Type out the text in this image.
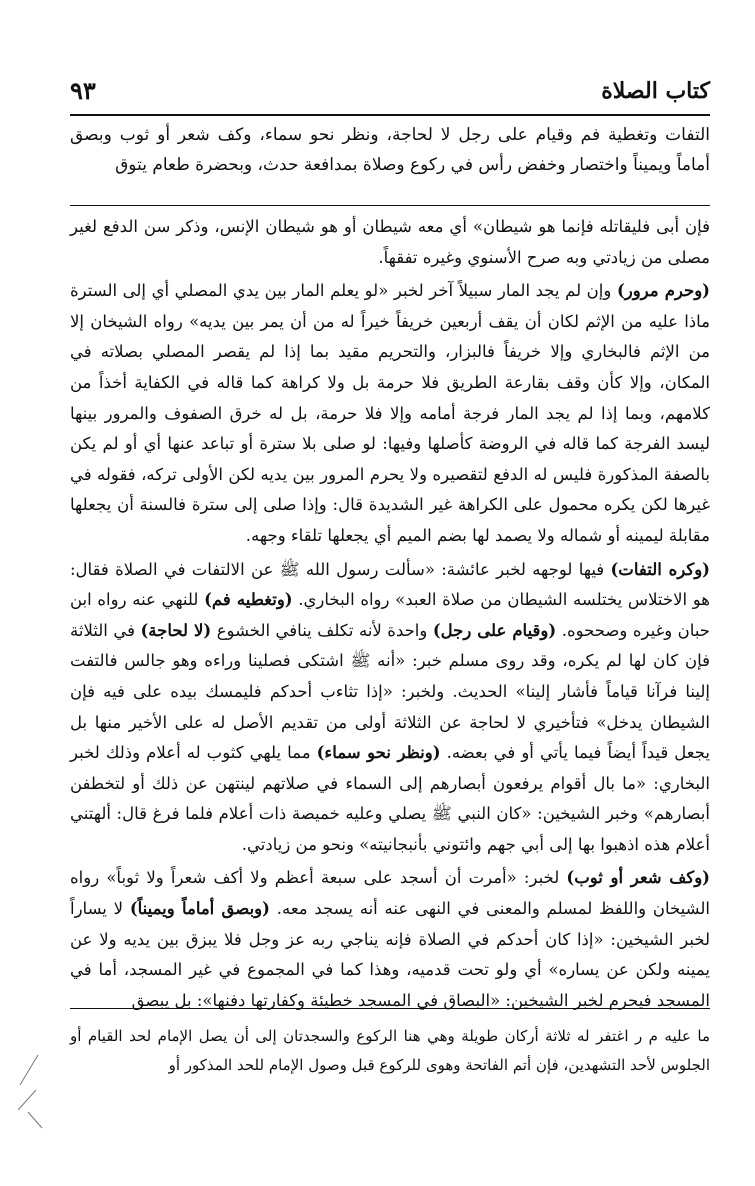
كتاب الصلاة
٩٣
التفات وتغطية فم وقيام على رجل لا لحاجة، ونظر نحو سماء، وكف شعر أو ثوب وبصق أماماً ويميناً واختصار وخفض رأس في ركوع وصلاة بمدافعة حدث، وبحضرة طعام يتوق

فإن أبى فليقاتله فإنما هو شيطان» أي معه شيطان أو هو شيطان الإنس، وذكر سن الدفع لغير مصلى من زيادتي وبه صرح الأسنوي وغيره تفقهاً.

(وحرم مرور) وإن لم يجد المار سبيلاً آخر لخبر «لو يعلم المار بين يدي المصلي أي إلى السترة ماذا عليه من الإثم لكان أن يقف أربعين خريفاً خيراً له من أن يمر بين يديه» رواه الشيخان إلا من الإثم فالبخاري وإلا خريفاً فالبزار، والتحريم مقيد بما إذا لم يقصر المصلي بصلاته في المكان، وإلا كأن وقف بقارعة الطريق فلا حرمة بل ولا كراهة كما قاله في الكفاية أخذاً من كلامهم، وبما إذا لم يجد المار فرجة أمامه وإلا فلا حرمة، بل له خرق الصفوف والمرور بينها ليسد الفرجة كما قاله في الروضة كأصلها وفيها: لو صلى بلا سترة أو تباعد عنها أي أو لم يكن بالصفة المذكورة فليس له الدفع لتقصيره ولا يحرم المرور بين يديه لكن الأولى تركه، فقوله في غيرها لكن يكره محمول على الكراهة غير الشديدة قال: وإذا صلى إلى سترة فالسنة أن يجعلها مقابلة ليمينه أو شماله ولا يصمد لها بضم الميم أي يجعلها تلقاء وجهه.

(وكره التفات) فيها لوجهه لخبر عائشة: «سألت رسول الله ﷺ عن الالتفات في الصلاة فقال: هو الاختلاس يختلسه الشيطان من صلاة العبد» رواه البخاري. (وتغطيه فم) للنهي عنه رواه ابن حبان وغيره وصححوه. (وقيام على رجل) واحدة لأنه تكلف ينافي الخشوع (لا لحاجة) في الثلاثة فإن كان لها لم يكره، وقد روى مسلم خبر: «أنه ﷺ اشتكى فصلينا وراءه وهو جالس فالتفت إلينا فرآنا قياماً فأشار إلينا» الحديث. ولخبر: «إذا تثاءب أحدكم فليمسك بيده على فيه فإن الشيطان يدخل» فتأخيري لا لحاجة عن الثلاثة أولى من تقديم الأصل له على الأخير منها بل يجعل قيداً أيضاً فيما يأتي أو في بعضه. (ونظر نحو سماء) مما يلهي كثوب له أعلام وذلك لخبر البخاري: «ما بال أقوام يرفعون أبصارهم إلى السماء في صلاتهم لينتهن عن ذلك أو لتخطفن أبصارهم» وخبر الشيخين: «كان النبي ﷺ يصلي وعليه خميصة ذات أعلام فلما فرغ قال: ألهتني أعلام هذه اذهبوا بها إلى أبي جهم وائتوني بأنبجانيته» ونحو من زيادتي.

(وكف شعر أو ثوب) لخبر: «أمرت أن أسجد على سبعة أعظم ولا أكف شعراً ولا ثوباً» رواه الشيخان واللفظ لمسلم والمعنى في النهى عنه أنه يسجد معه. (وبصق أماماً ويميناً) لا يساراً لخبر الشيخين: «إذا كان أحدكم في الصلاة فإنه يناجي ربه عز وجل فلا يبزق بين يديه ولا عن يمينه ولكن عن يساره» أي ولو تحت قدميه، وهذا كما في المجموع في غير المسجد، أما في المسجد فيحرم لخبر الشيخين: «البصاق في المسجد خطيئة وكفارتها دفنها»: بل يبصق

ما عليه م ر اغتفر له ثلاثة أركان طويلة وهي هنا الركوع والسجدتان إلى أن يصل الإمام لحد القيام أو الجلوس لأحد التشهدين، فإن أتم الفاتحة وهوى للركوع قبل وصول الإمام للحد المذكور أو
